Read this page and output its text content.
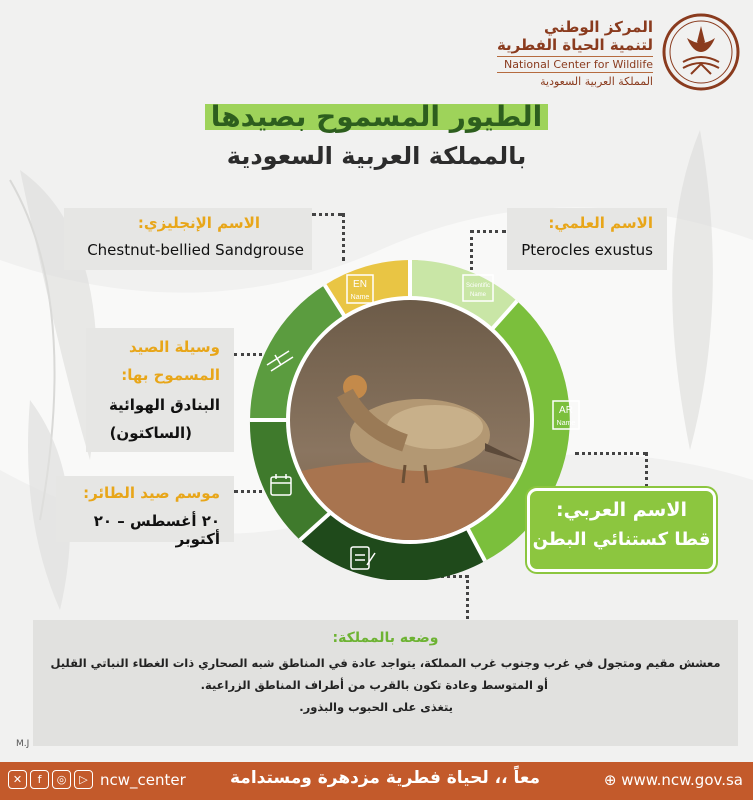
المركز الوطني
لتنمية الحياة الفطرية
National Center for Wildlife
المملكة العربية السعودية
الطيور المسموح بصيدها
بالمملكة العربية السعودية
الاسم الإنجليزي:
Chestnut-bellied Sandgrouse
الاسم العلمي:
Pterocles exustus
وسيلة الصيد
المسموح بها:
البنادق الهوائية
(الساكتون)
موسم صيد الطائر:
٢٠ أغسطس – ٢٠ أكتوبر
EN
Name
Scientific
Name
AR
Name
الاسم العربي:
قطا كستنائي البطن
وضعه بالمملكة:
معشش مقيم ومتجول في غرب وجنوب غرب المملكة، يتواجد عادة في المناطق شبه الصحاري ذات الغطاء النباتي القليل
أو المتوسط وعادة تكون بالقرب من أطراف المناطق الزراعية.
يتغذى على الحبوب والبذور.
M.J
✕	f	◎	▷ ncw_center	معاً ،، لحياة فطرية مزدهرة ومستدامة	⊕ www.ncw.gov.sa
